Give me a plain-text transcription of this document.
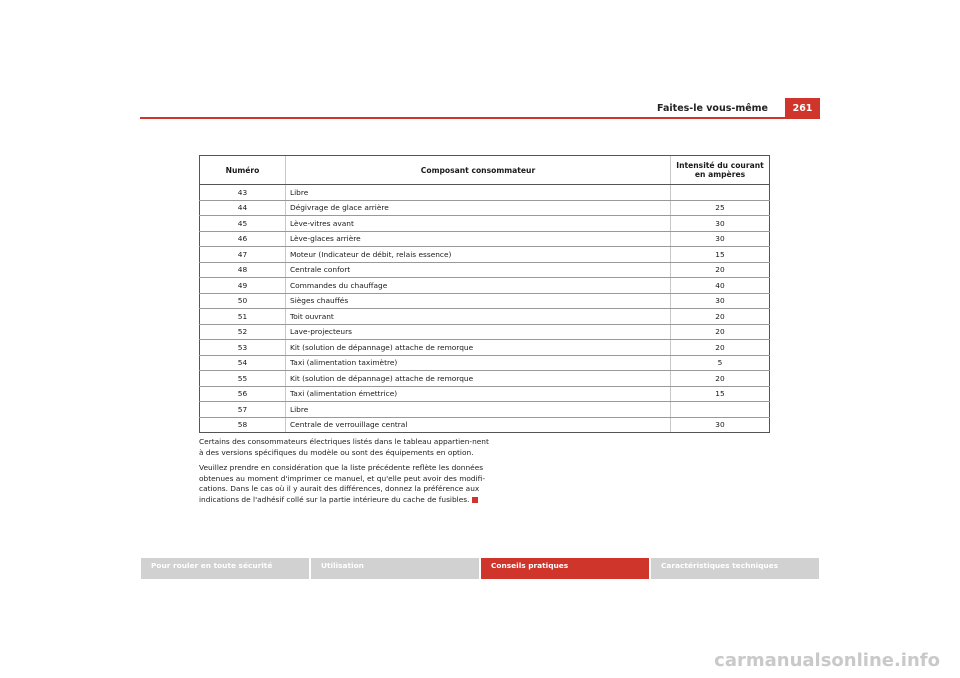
Faites-le vous-même	261
Numéro	Composant consommateur	Intensité du courant en ampères
43	Libre	
44	Dégivrage de glace arrière	25
45	Lève-vitres avant	30
46	Lève-glaces arrière	30
47	Moteur (Indicateur de débit, relais essence)	15
48	Centrale confort	20
49	Commandes du chauffage	40
50	Sièges chauffés	30
51	Toit ouvrant	20
52	Lave-projecteurs	20
53	Kit (solution de dépannage) attache de remorque	20
54	Taxi (alimentation taximètre)	5
55	Kit (solution de dépannage) attache de remorque	20
56	Taxi (alimentation émettrice)	15
57	Libre	
58	Centrale de verrouillage central	30

Certains des consommateurs électriques listés dans le tableau appartien-nent à des versions spécifiques du modèle ou sont des équipements en option.

Veuillez prendre en considération que la liste précédente reflète les données obtenues au moment d'imprimer ce manuel, et qu'elle peut avoir des modifi-cations. Dans le cas où il y aurait des différences, donnez la préférence aux indications de l'adhésif collé sur la partie intérieure du cache de fusibles.

Pour rouler en toute sécurité	Utilisation	Conseils pratiques	Caractéristiques techniques
carmanualsonline.info
